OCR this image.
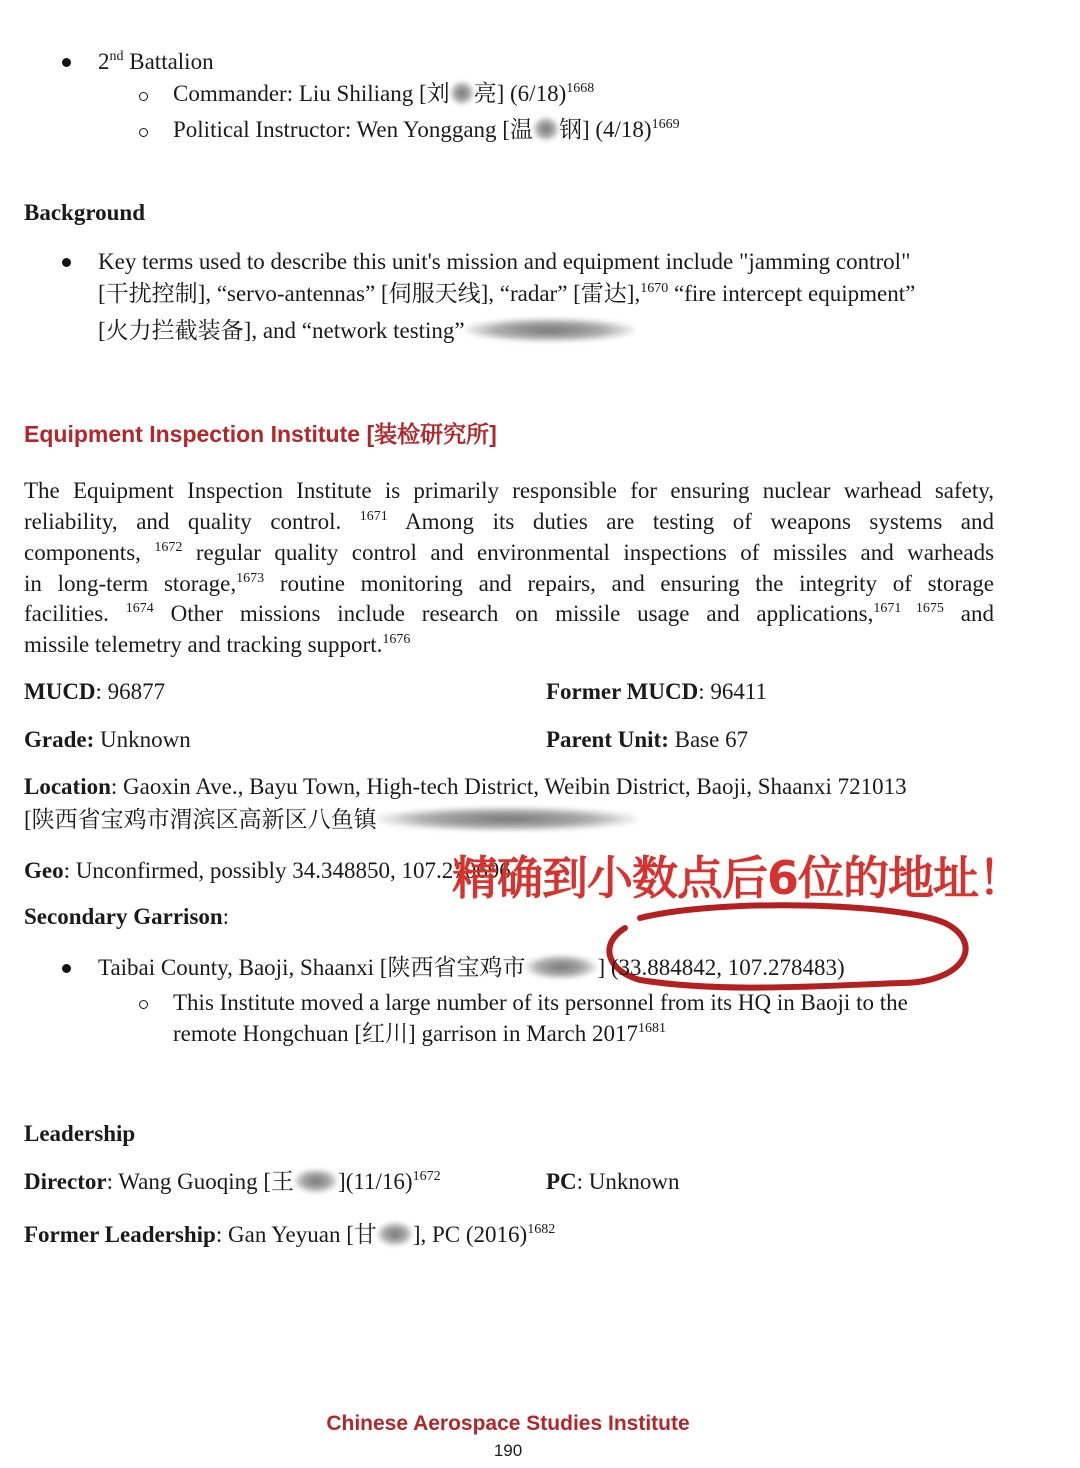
2nd Battalion
Commander: Liu Shiliang [刘 亮] $(6/18)^{1668}$
Political Instructor: Wen Yonggang [温 钢] $(4/18)^{1669}$
Background
Key terms used to describe this unit's mission and equipment include "jamming control"
[干扰控制], “servo-antennas” [伺服天线], “radar” [雷达],$^{1670}$ “fire intercept equipment”
[火力拦截装备], and “network testing”
Equipment Inspection Institute [装检研究所]
The Equipment Inspection Institute is primarily responsible for ensuring nuclear warhead safety,
reliability, and quality control. $^{1671}$ Among its duties are testing of weapons systems and
components, $^{1672}$ regular quality control and environmental inspections of missiles and warheads
in long-term storage,$^{1673}$ routine monitoring and repairs, and ensuring the integrity of storage
facilities. $^{1674}$ Other missions include research on missile usage and applications,$^{1671 1675}$ and
missile telemetry and tracking support.$^{1676}$
MUCD: 96877	Former MUCD: 96411
Grade: Unknown	Parent Unit: Base 67
Location: Gaoxin Ave., Bayu Town, High-tech District, Weibin District, Baoji, Shaanxi 721013
[陕西省宝鸡市渭滨区高新区八鱼镇
Geo: Unconfirmed, possibly 34.348850, 107.270696
精确到小数点后6位的地址！
Secondary Garrison:
Taibai County, Baoji, Shaanxi [陕西省宝鸡市	] (33.884842, 107.278483)
This Institute moved a large number of its personnel from its HQ in Baoji to the
remote Hongchuan [红川] garrison in March $2017^{1681}$
Leadership
Director: Wang Guoqing [王 ]$(11/16)^{1672}$	PC: Unknown
Former Leadership: Gan Yeyuan [甘 ], PC $(2016)^{1682}$
Chinese Aerospace Studies Institute
190
